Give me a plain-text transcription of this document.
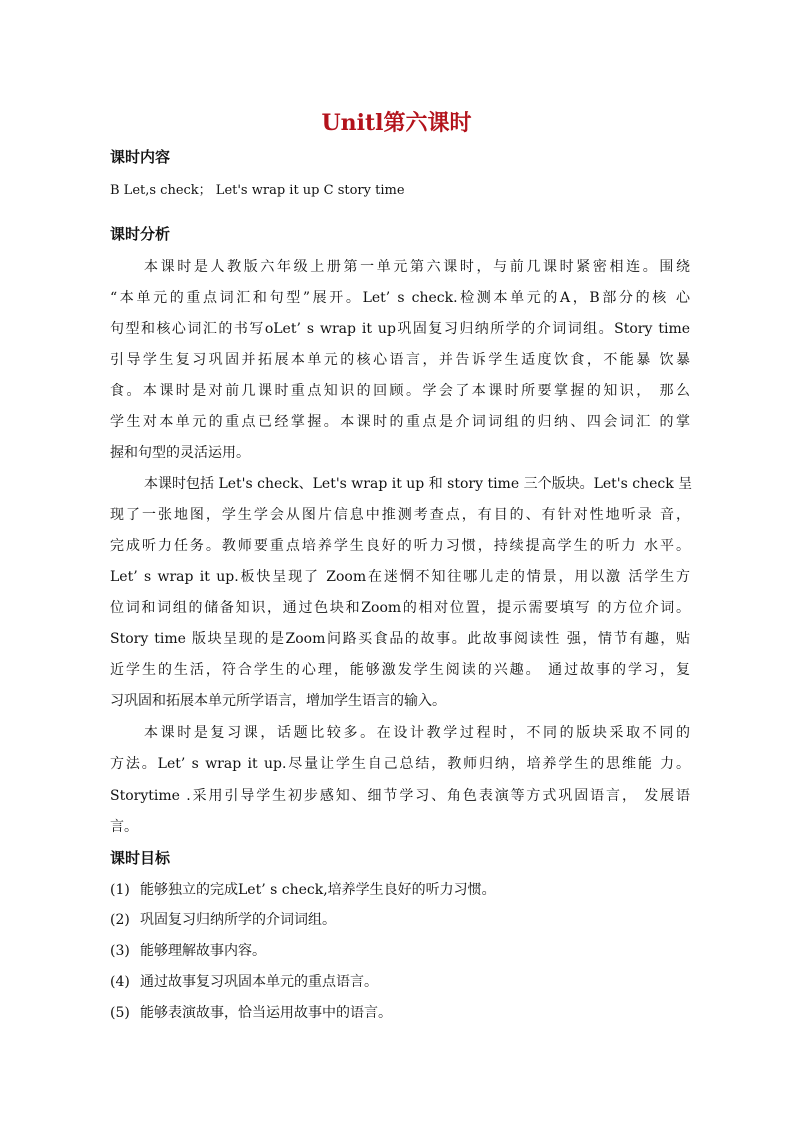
Unitl第六课时
课时内容
B Let,s check； Let's wrap it up C story time
课时分析
本课时是人教版六年级上册第一单元第六课时，与前几课时紧密相连。围绕
“本单元的重点词汇和句型”展开。Let’ s check.检测本单元的A，B部分的核 心
句型和核心词汇的书写oLet’ s wrap it up巩固复习归纳所学的介词词组。Story time
引导学生复习巩固并拓展本单元的核心语言，并告诉学生适度饮食，不能暴 饮暴
食。本课时是对前几课时重点知识的回顾。学会了本课时所要掌握的知识， 那么
学生对本单元的重点已经掌握。本课时的重点是介词词组的归纳、四会词汇 的掌
握和句型的灵活运用。
本课时包括 Let's check、Let's wrap it up 和 story time 三个版块。Let's check 呈
现了一张地图，学生学会从图片信息中推测考查点，有目的、有针对性地听录 音，
完成听力任务。教师要重点培养学生良好的听力习惯，持续提高学生的听力 水平。
Let’ s wrap it up.板快呈现了 Zoom在迷惘不知往哪儿走的情景，用以激 活学生方
位词和词组的储备知识，通过色块和Zoom的相对位置，提示需要填写 的方位介词。
Story time 版块呈现的是Zoom问路买食品的故事。此故事阅读性 强，情节有趣，贴
近学生的生活，符合学生的心理，能够激发学生阅读的兴趣。 通过故事的学习，复
习巩固和拓展本单元所学语言，增加学生语言的输入。
本课时是复习课，话题比较多。在设计教学过程时，不同的版块采取不同的
方法。Let’ s wrap it up.尽量让学生自己总结，教师归纳，培养学生的思维能 力。
Storytime .采用引导学生初步感知、细节学习、角色表演等方式巩固语言， 发展语
言。
课时目标
(1) 能够独立的完成Let’ s check,培养学生良好的听力习惯。
(2) 巩固复习归纳所学的介词词组。
(3) 能够理解故事内容。
(4) 通过故事复习巩固本单元的重点语言。
(5) 能够表演故事，恰当运用故事中的语言。
